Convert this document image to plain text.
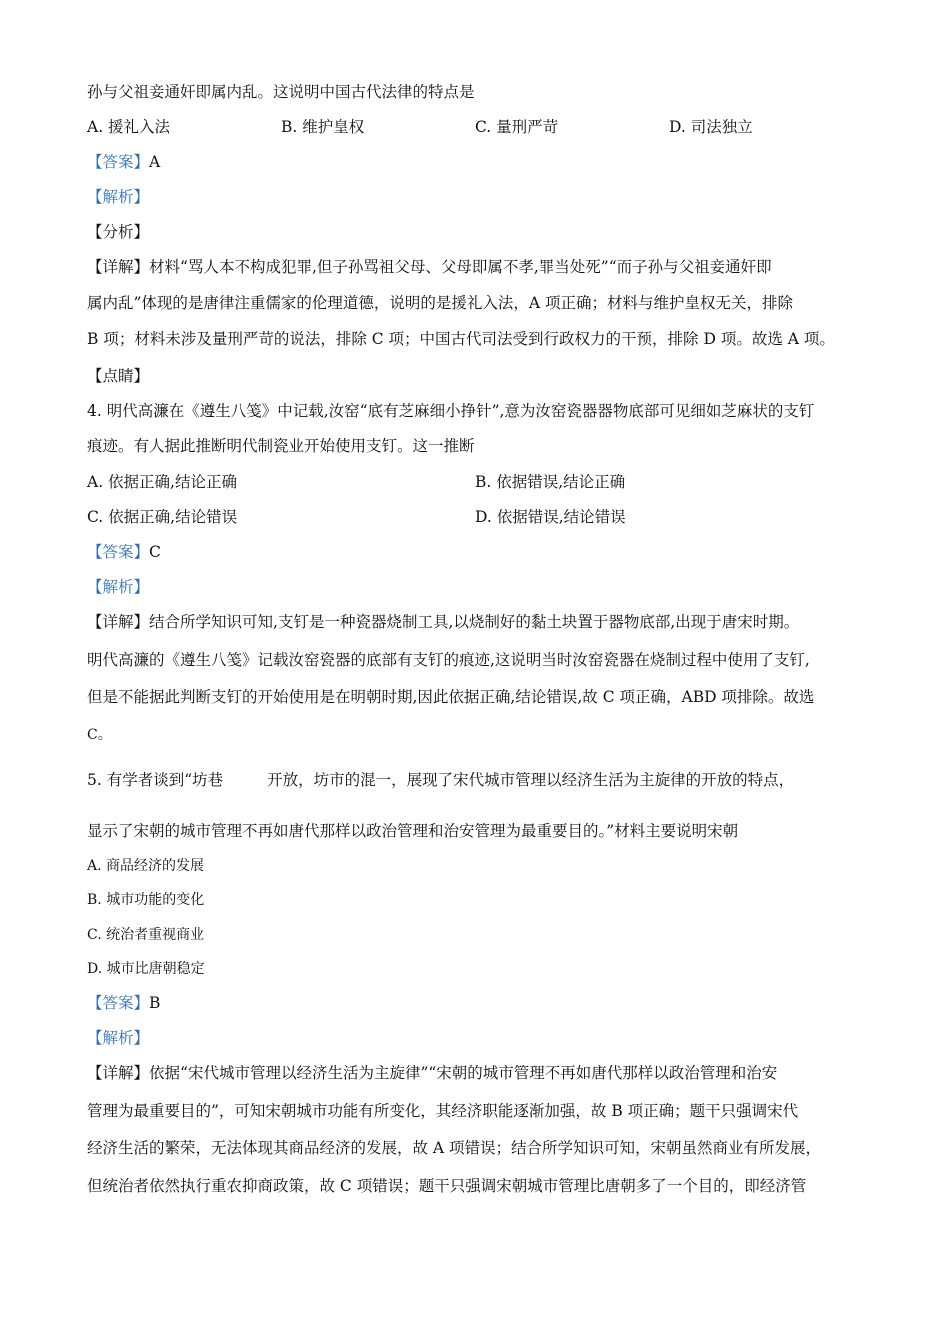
孙与父祖妾通奸即属内乱。这说明中国古代法律的特点是
A. 援礼入法	B. 维护皇权	C. 量刑严苛	D. 司法独立
【答案】A
【解析】
【分析】
【详解】材料“骂人本不构成犯罪,但子孙骂祖父母、父母即属不孝,罪当处死”“而子孙与父祖妾通奸即
属内乱”体现的是唐律注重儒家的伦理道德，说明的是援礼入法，A 项正确；材料与维护皇权无关，排除
B 项；材料未涉及量刑严苛的说法，排除 C 项；中国古代司法受到行政权力的干预，排除 D 项。故选 A 项。
【点睛】
4. 明代高濂在《遵生八笺》中记载,汝窑“底有芝麻细小挣针”,意为汝窑瓷器器物底部可见细如芝麻状的支钉
痕迹。有人据此推断明代制瓷业开始使用支钉。这一推断
A. 依据正确,结论正确	B. 依据错误,结论正确
C. 依据正确,结论错误	D. 依据错误,结论错误
【答案】C
【解析】
【详解】结合所学知识可知,支钉是一种瓷器烧制工具,以烧制好的黏土块置于器物底部,出现于唐宋时期。
明代高濂的《遵生八笺》记载汝窑瓷器的底部有支钉的痕迹,这说明当时汝窑瓷器在烧制过程中使用了支钉,
但是不能据此判断支钉的开始使用是在明朝时期,因此依据正确,结论错误,故 C 项正确，ABD 项排除。故选
C。
5. 有学者谈到“坊巷	开放，坊市的混一，展现了宋代城市管理以经济生活为主旋律的开放的特点，
显示了宋朝的城市管理不再如唐代那样以政治管理和治安管理为最重要目的。”材料主要说明宋朝
A. 商品经济的发展
B. 城市功能的变化
C. 统治者重视商业
D. 城市比唐朝稳定
【答案】B
【解析】
【详解】依据“宋代城市管理以经济生活为主旋律”“宋朝的城市管理不再如唐代那样以政治管理和治安
管理为最重要目的”，可知宋朝城市功能有所变化，其经济职能逐渐加强，故 B 项正确；题干只强调宋代
经济生活的繁荣，无法体现其商品经济的发展，故 A 项错误；结合所学知识可知，宋朝虽然商业有所发展，
但统治者依然执行重农抑商政策，故 C 项错误；题干只强调宋朝城市管理比唐朝多了一个目的，即经济管
